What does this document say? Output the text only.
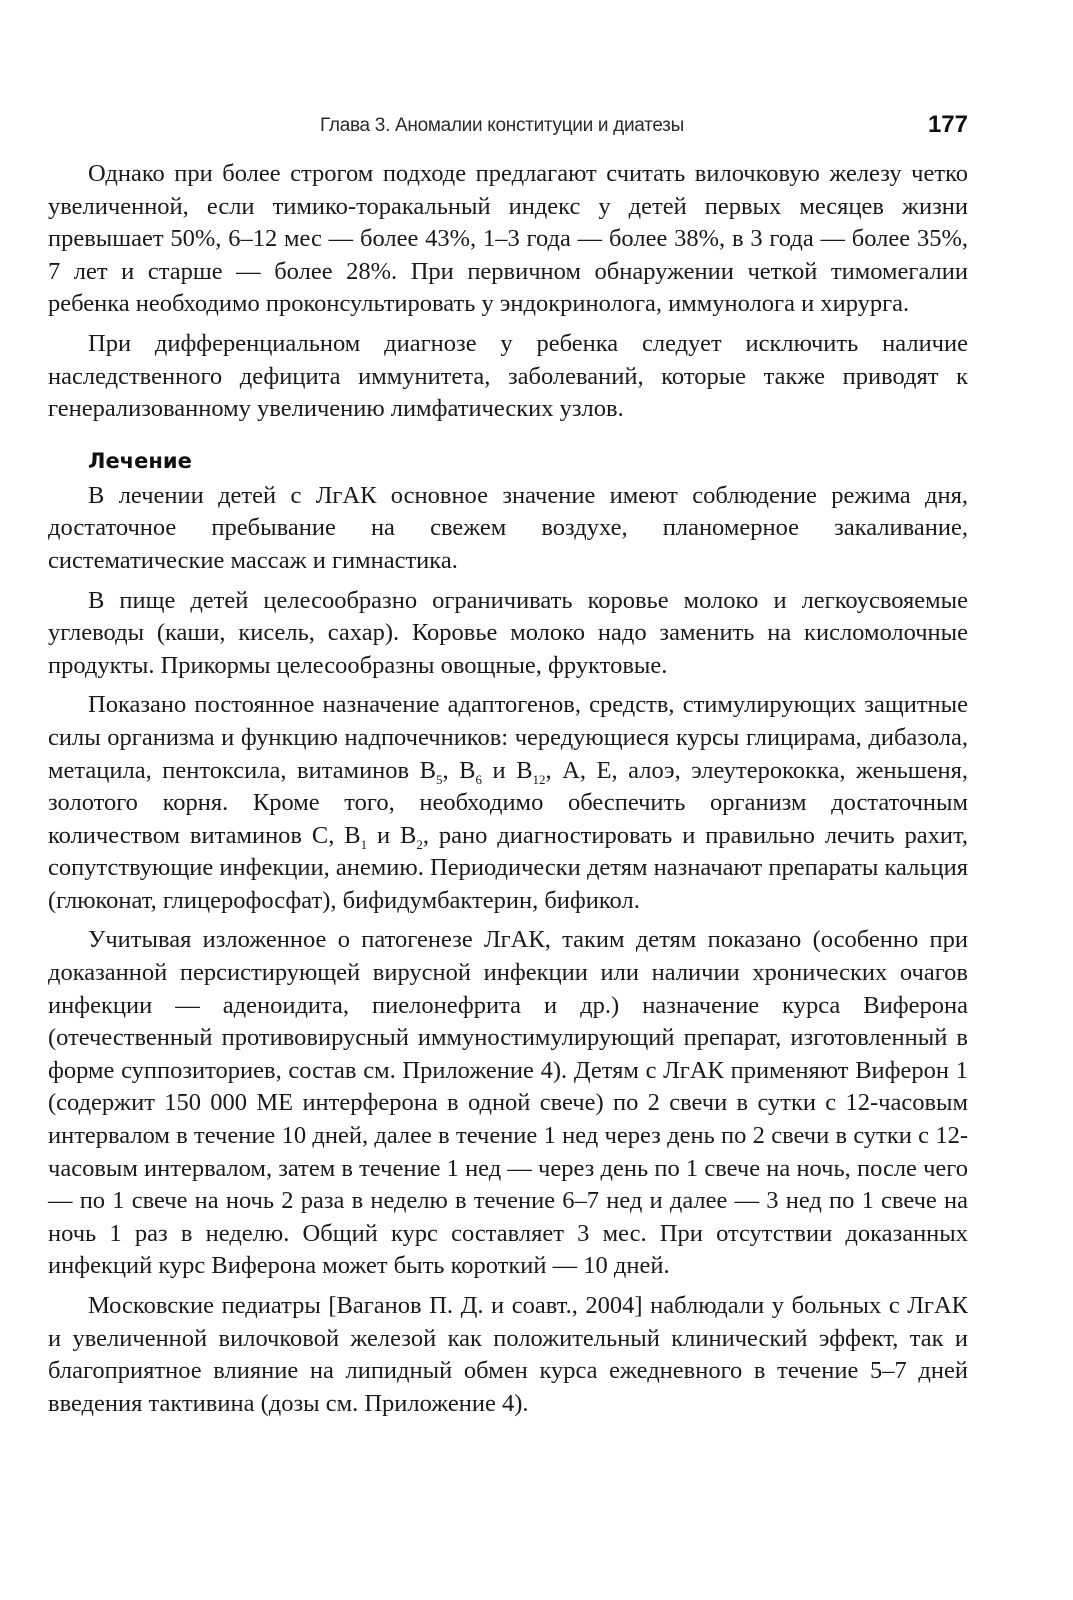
Глава 3. Аномалии конституции и диатезы	177

Однако при более строгом подходе предлагают считать вилочковую железу четко увеличенной, если тимико-торакальный индекс у детей первых месяцев жизни превышает 50%, 6–12 мес — более 43%, 1–3 года — более 38%, в 3 года — более 35%, 7 лет и старше — более 28%. При первичном обнаружении четкой тимомегалии ребенка необходимо проконсультировать у эндокринолога, иммунолога и хирурга.

При дифференциальном диагнозе у ребенка следует исключить наличие наследственного дефицита иммунитета, заболеваний, которые также приводят к генерализованному увеличению лимфатических узлов.

Лечение

В лечении детей с ЛгАК основное значение имеют соблюдение режима дня, достаточное пребывание на свежем воздухе, планомерное закаливание, систематические массаж и гимнастика.

В пище детей целесообразно ограничивать коровье молоко и легкоусвояемые углеводы (каши, кисель, сахар). Коровье молоко надо заменить на кисломолочные продукты. Прикормы целесообразны овощные, фруктовые.

Показано постоянное назначение адаптогенов, средств, стимулирующих защитные силы организма и функцию надпочечников: чередующиеся курсы глицирама, дибазола, метацила, пентоксила, витаминов $В_5$, $В_6$ и $В_{12}$, А, Е, алоэ, элеутерококка, женьшеня, золотого корня. Кроме того, необходимо обеспечить организм достаточным количеством витаминов С, $В_1$ и $В_2$, рано диагностировать и правильно лечить рахит, сопутствующие инфекции, анемию. Периодически детям назначают препараты кальция (глюконат, глицерофосфат), бифидумбактерин, бификол.

Учитывая изложенное о патогенезе ЛгАК, таким детям показано (особенно при доказанной персистирующей вирусной инфекции или наличии хронических очагов инфекции — аденоидита, пиелонефрита и др.) назначение курса Виферона (отечественный противовирусный иммуностимулирующий препарат, изготовленный в форме суппозиториев, состав см. Приложение 4). Детям с ЛгАК применяют Виферон 1 (содержит 150 000 МЕ интерферона в одной свече) по 2 свечи в сутки с 12-часовым интервалом в течение 10 дней, далее в течение 1 нед через день по 2 свечи в сутки с 12-часовым интервалом, затем в течение 1 нед — через день по 1 свече на ночь, после чего — по 1 свече на ночь 2 раза в неделю в течение 6–7 нед и далее — 3 нед по 1 свече на ночь 1 раз в неделю. Общий курс составляет 3 мес. При отсутствии доказанных инфекций курс Виферона может быть короткий — 10 дней.

Московские педиатры [Ваганов П. Д. и соавт., 2004] наблюдали у больных с ЛгАК и увеличенной вилочковой железой как положительный клинический эффект, так и благоприятное влияние на липидный обмен курса ежедневного в течение 5–7 дней введения тактивина (дозы см. Приложение 4).
